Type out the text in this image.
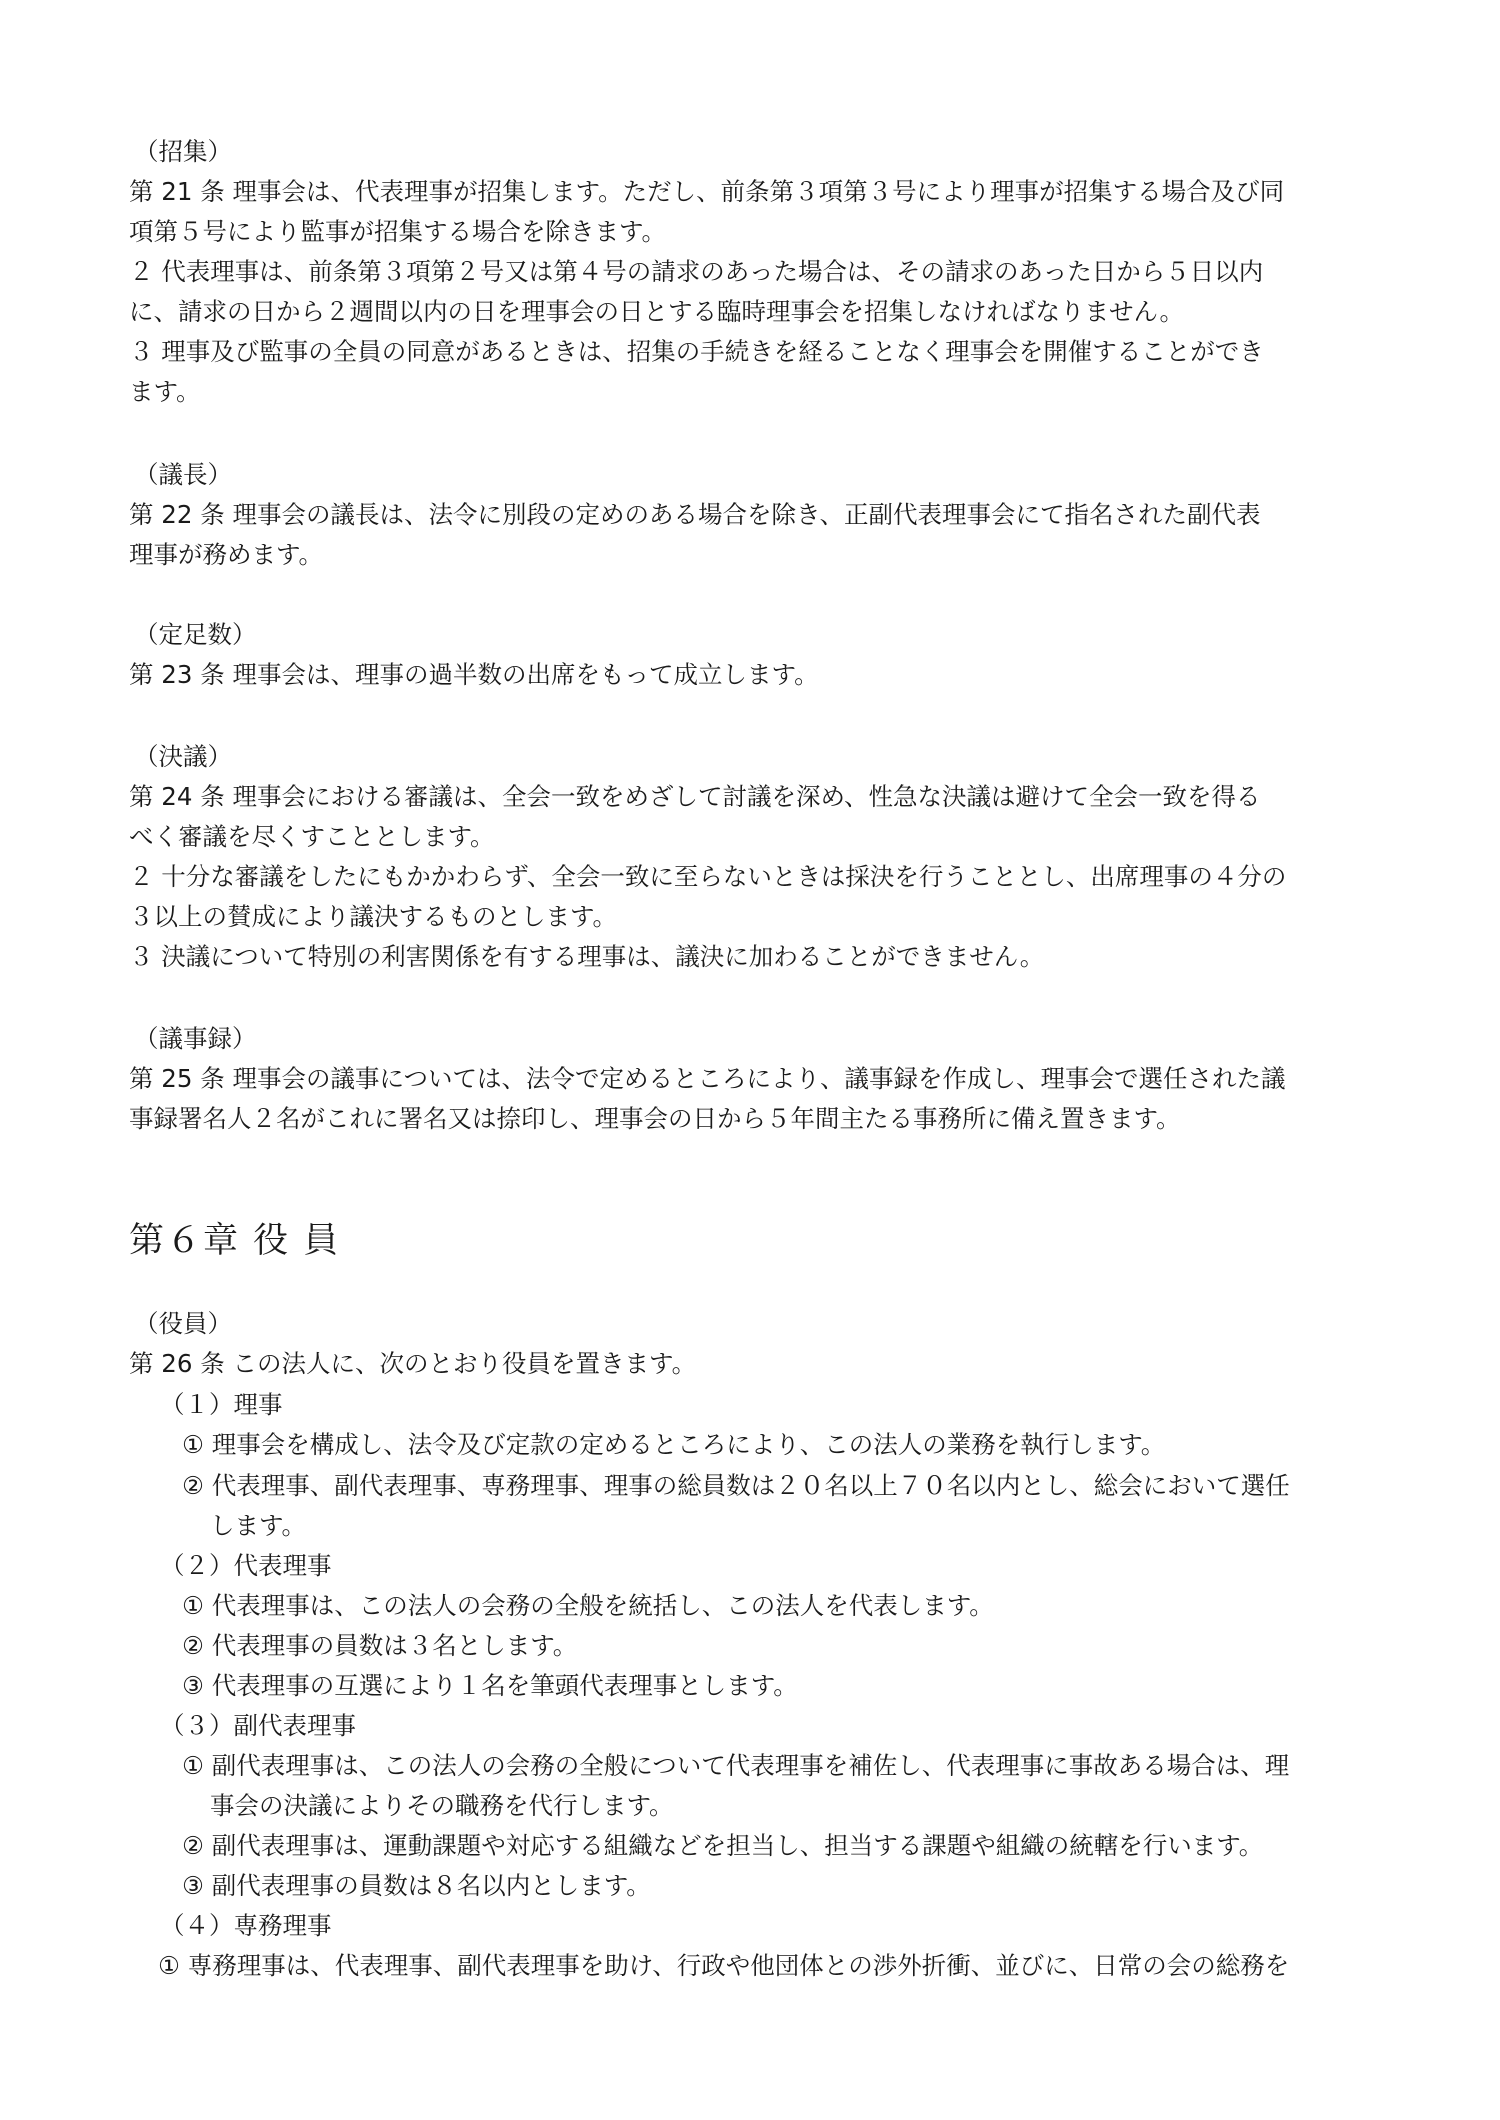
（招集）
第 21 条 理事会は、代表理事が招集します。ただし、前条第３項第３号により理事が招集する場合及び同
項第５号により監事が招集する場合を除きます。
２ 代表理事は、前条第３項第２号又は第４号の請求のあった場合は、その請求のあった日から５日以内
に、請求の日から２週間以内の日を理事会の日とする臨時理事会を招集しなければなりません。
３ 理事及び監事の全員の同意があるときは、招集の手続きを経ることなく理事会を開催することができ
ます。
（議長）
第 22 条 理事会の議長は、法令に別段の定めのある場合を除き、正副代表理事会にて指名された副代表
理事が務めます。
（定足数）
第 23 条 理事会は、理事の過半数の出席をもって成立します。
（決議）
第 24 条 理事会における審議は、全会一致をめざして討議を深め、性急な決議は避けて全会一致を得る
べく審議を尽くすこととします。
２ 十分な審議をしたにもかかわらず、全会一致に至らないときは採決を行うこととし、出席理事の４分の
３以上の賛成により議決するものとします。
３ 決議について特別の利害関係を有する理事は、議決に加わることができません。
（議事録）
第 25 条 理事会の議事については、法令で定めるところにより、議事録を作成し、理事会で選任された議
事録署名人２名がこれに署名又は捺印し、理事会の日から５年間主たる事務所に備え置きます。
第６章 役 員
（役員）
第 26 条 この法人に、次のとおり役員を置きます。
（１）理事
① 理事会を構成し、法令及び定款の定めるところにより、この法人の業務を執行します。
② 代表理事、副代表理事、専務理事、理事の総員数は２０名以上７０名以内とし、総会において選任
します。
（２）代表理事
① 代表理事は、この法人の会務の全般を統括し、この法人を代表します。
② 代表理事の員数は３名とします。
③ 代表理事の互選により１名を筆頭代表理事とします。
（３）副代表理事
① 副代表理事は、この法人の会務の全般について代表理事を補佐し、代表理事に事故ある場合は、理
事会の決議によりその職務を代行します。
② 副代表理事は、運動課題や対応する組織などを担当し、担当する課題や組織の統轄を行います。
③ 副代表理事の員数は８名以内とします。
（４）専務理事
① 専務理事は、代表理事、副代表理事を助け、行政や他団体との渉外折衝、並びに、日常の会の総務を
